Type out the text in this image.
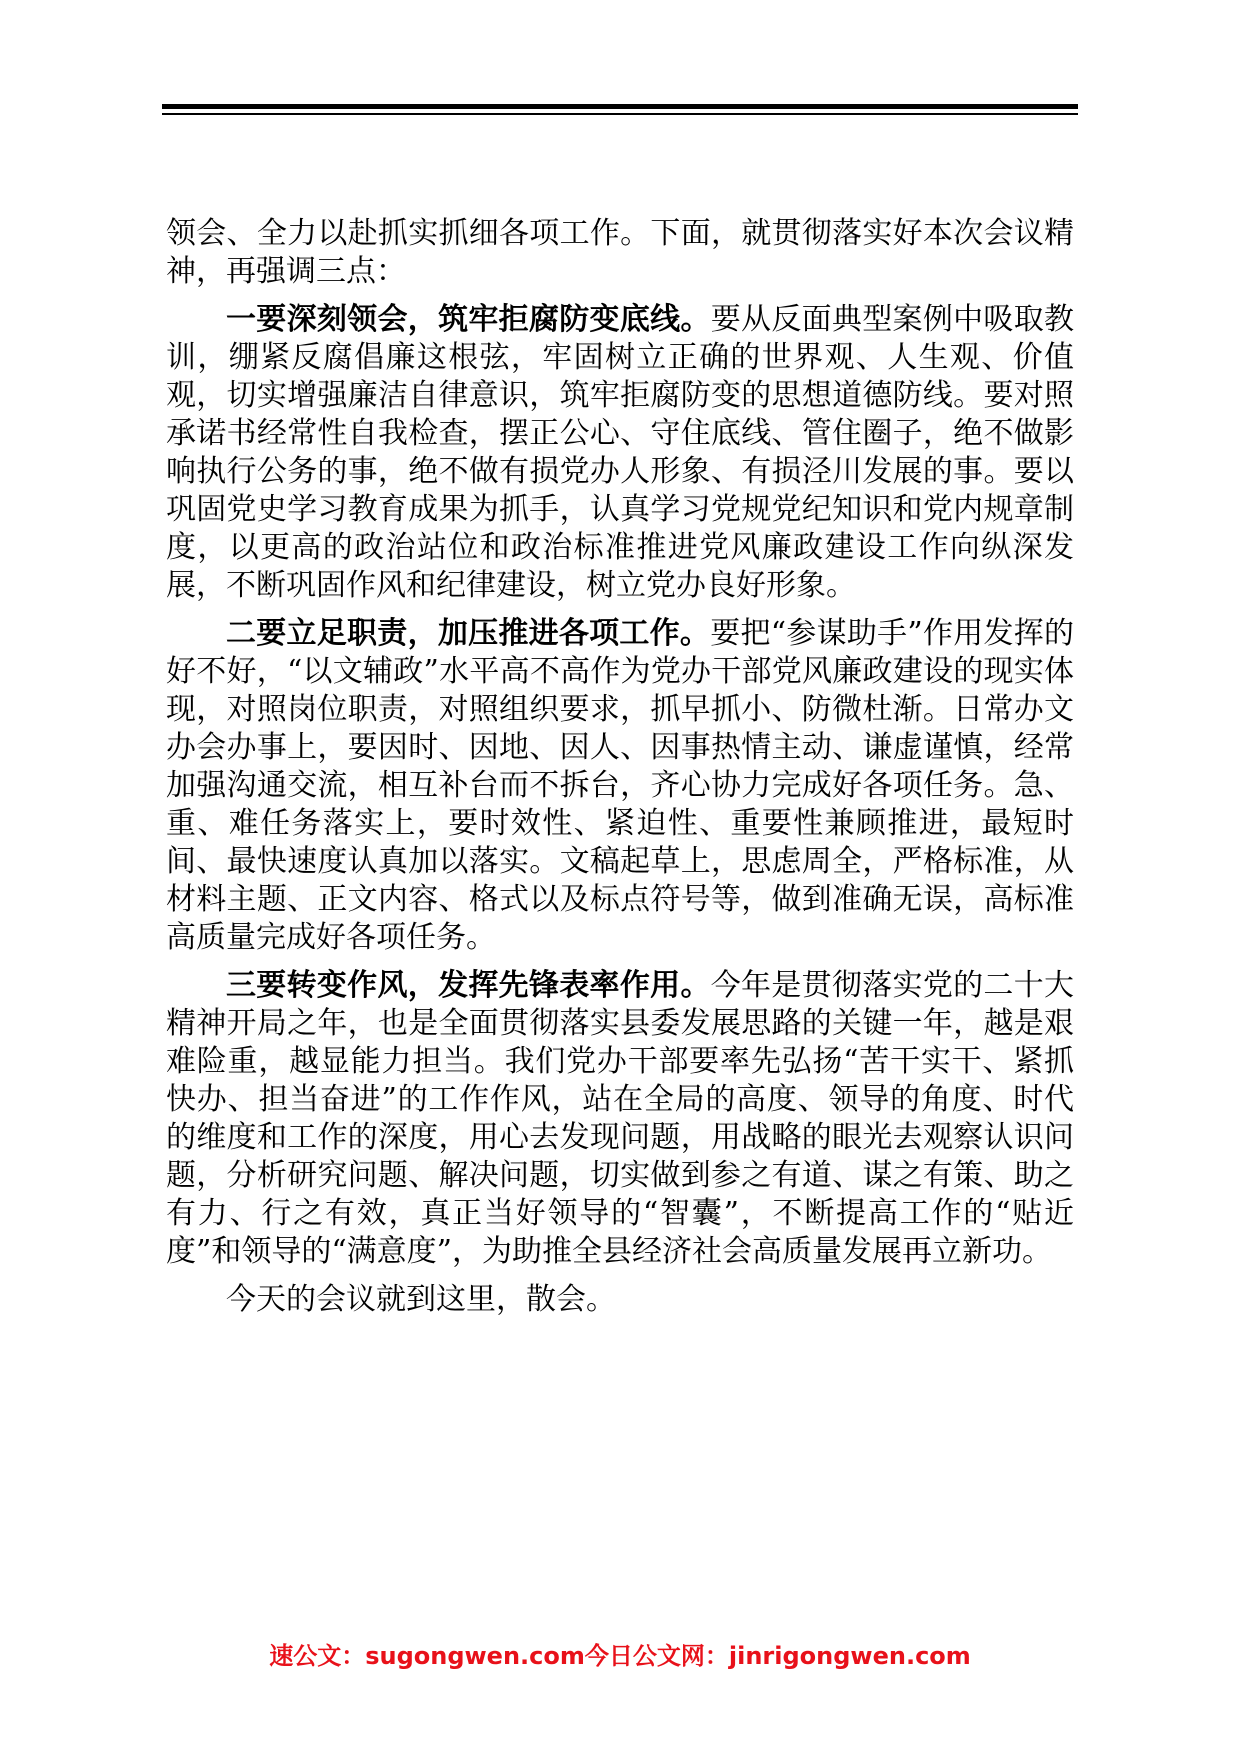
领会、全力以赴抓实抓细各项工作。下面，就贯彻落实好本次会议精神，再强调三点：

一要深刻领会，筑牢拒腐防变底线。要从反面典型案例中吸取教训，绷紧反腐倡廉这根弦，牢固树立正确的世界观、人生观、价值观，切实增强廉洁自律意识，筑牢拒腐防变的思想道德防线。要对照承诺书经常性自我检查，摆正公心、守住底线、管住圈子，绝不做影响执行公务的事，绝不做有损党办人形象、有损泾川发展的事。要以巩固党史学习教育成果为抓手，认真学习党规党纪知识和党内规章制度，以更高的政治站位和政治标准推进党风廉政建设工作向纵深发展，不断巩固作风和纪律建设，树立党办良好形象。

二要立足职责，加压推进各项工作。要把“参谋助手”作用发挥的好不好，“以文辅政”水平高不高作为党办干部党风廉政建设的现实体现，对照岗位职责，对照组织要求，抓早抓小、防微杜渐。日常办文办会办事上，要因时、因地、因人、因事热情主动、谦虚谨慎，经常加强沟通交流，相互补台而不拆台，齐心协力完成好各项任务。急、重、难任务落实上，要时效性、紧迫性、重要性兼顾推进，最短时间、最快速度认真加以落实。文稿起草上，思虑周全，严格标准，从材料主题、正文内容、格式以及标点符号等，做到准确无误，高标准高质量完成好各项任务。

三要转变作风，发挥先锋表率作用。今年是贯彻落实党的二十大精神开局之年，也是全面贯彻落实县委发展思路的关键一年，越是艰难险重，越显能力担当。我们党办干部要率先弘扬“苦干实干、紧抓快办、担当奋进”的工作作风，站在全局的高度、领导的角度、时代的维度和工作的深度，用心去发现问题，用战略的眼光去观察认识问题，分析研究问题、解决问题，切实做到参之有道、谋之有策、助之有力、行之有效，真正当好领导的“智囊”，不断提高工作的“贴近度”和领导的“满意度”，为助推全县经济社会高质量发展再立新功。

今天的会议就到这里，散会。

速公文：sugongwen.com今日公文网：jinrigongwen.com
